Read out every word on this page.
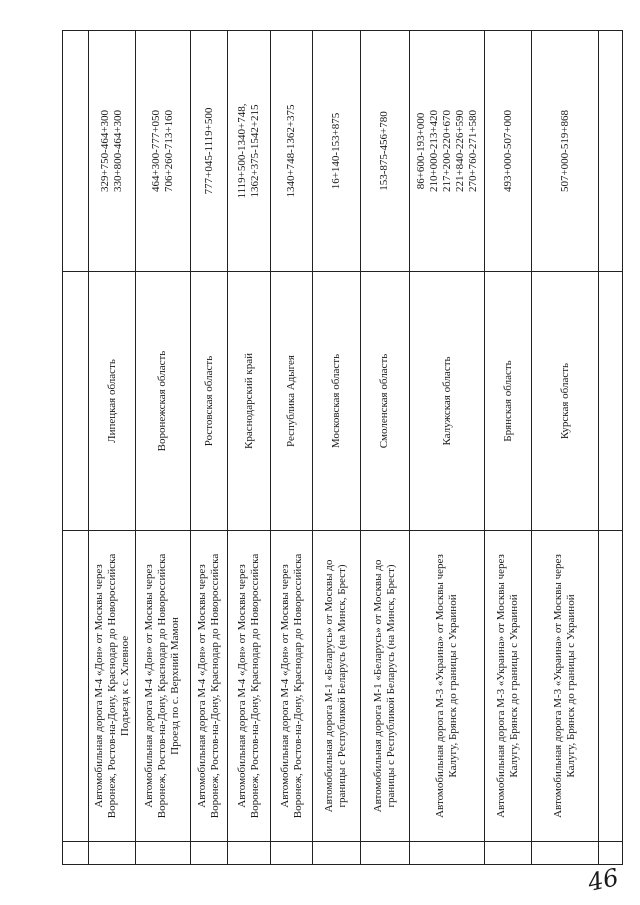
	Автомобильная дорога М-4 «Дон» от Москвы через Воронеж, Ростов-на-Дону, Краснодар до Новороссийска Подъезд к с. Хлевное	Липецкая область	329+750-464+300 330+800-464+300

	Автомобильная дорога М-4 «Дон» от Москвы через Воронеж, Ростов-на-Дону, Краснодар до Новороссийска Проезд по с. Верхний Мамон	Воронежская область	464+300-777+050 706+260-713+160

	Автомобильная дорога М-4 «Дон» от Москвы через Воронеж, Ростов-на-Дону, Краснодар до Новороссийска	Ростовская область	777+045-1119+500

	Автомобильная дорога М-4 «Дон» от Москвы через Воронеж, Ростов-на-Дону, Краснодар до Новороссийска	Краснодарский край	1119+500-1340+748, 1362+375-1542+215

	Автомобильная дорога М-4 «Дон» от Москвы через Воронеж, Ростов-на-Дону, Краснодар до Новороссийска	Республика Адыгея	1340+748-1362+375

	Автомобильная дорога М-1 «Беларусь» от Москвы до границы с Республикой Беларусь (на Минск, Брест)	Московская область	16+140-153+875

	Автомобильная дорога М-1 «Беларусь» от Москвы до границы с Республикой Беларусь (на Минск, Брест)	Смоленская область	153-875-456+780

	Автомобильная дорога М-3 «Украина» от Москвы через Калугу, Брянск до границы с Украиной	Калужская область	86+600-193+000 210+000-213+420 217+200-220+670 221+840-226+590 270+760-271+580

	Автомобильная дорога М-3 «Украина» от Москвы через Калугу, Брянск до границы с Украиной	Брянская область	493+000-507+000

	Автомобильная дорога М-3 «Украина» от Москвы через Калугу, Брянск до границы с Украиной	Курская область	507+000-519+868

46
